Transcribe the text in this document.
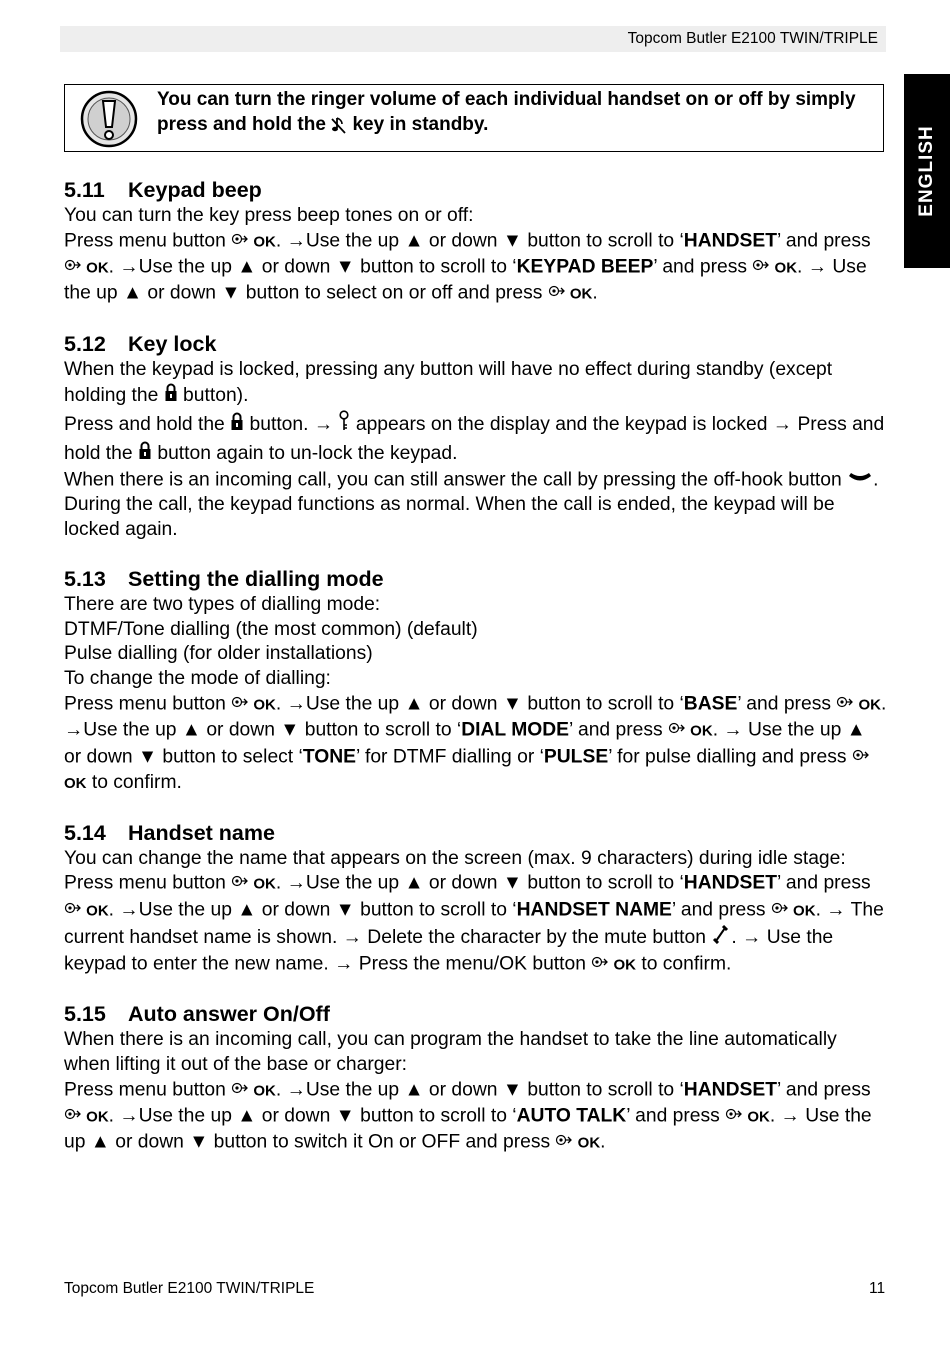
Topcom Butler E2100 TWIN/TRIPLE
ENGLISH
You can turn the ringer volume of each individual handset on or off by simply press and hold the key in standby.
5.11 Keypad beep

You can turn the key press beep tones on or off:

Press menu button  OK. →Use the up ▲ or down ▼ button to scroll to ‘HANDSET’ and press  OK. →Use the up ▲ or down ▼ button to scroll to ‘KEYPAD BEEP’ and press  OK. → Use the up ▲ or down ▼ button to select on or off and press  OK.

5.12 Key lock

When the keypad is locked, pressing any button will have no effect during standby (except holding the  button).

Press and hold the  button. →  appears on the display and the keypad is locked → Press and hold the  button again to un-lock the keypad.

When there is an incoming call, you can still answer the call by pressing the off-hook button . During the call, the keypad functions as normal. When the call is ended, the keypad will be locked again.

5.13 Setting the dialling mode

There are two types of dialling mode:

DTMF/Tone dialling (the most common) (default)

Pulse dialling (for older installations)

To change the mode of dialling:

Press menu button  OK. →Use the up ▲ or down ▼ button to scroll to ‘BASE’ and press  OK. →Use the up ▲ or down ▼ button to scroll to ‘DIAL MODE’ and press  OK. → Use the up ▲ or down ▼ button to select ‘TONE’ for DTMF dialling or ‘PULSE’ for pulse dialling and press  OK to confirm.

5.14 Handset name

You can change the name that appears on the screen (max. 9 characters) during idle stage:

Press menu button  OK. →Use the up ▲ or down ▼ button to scroll to ‘HANDSET’ and press  OK. →Use the up ▲ or down ▼ button to scroll to ‘HANDSET NAME’ and press  OK. → The current handset name is shown. → Delete the character by the mute button . → Use the keypad to enter the new name. → Press the menu/OK button  OK to confirm.

5.15 Auto answer On/Off

When there is an incoming call, you can program the handset to take the line automatically when lifting it out of the base or charger:

Press menu button  OK. →Use the up ▲ or down ▼ button to scroll to ‘HANDSET’ and press  OK. →Use the up ▲ or down ▼ button to scroll to ‘AUTO TALK’ and press  OK. → Use the up ▲ or down ▼ button to switch it On or OFF and press  OK.

Topcom Butler E2100 TWIN/TRIPLE	11
